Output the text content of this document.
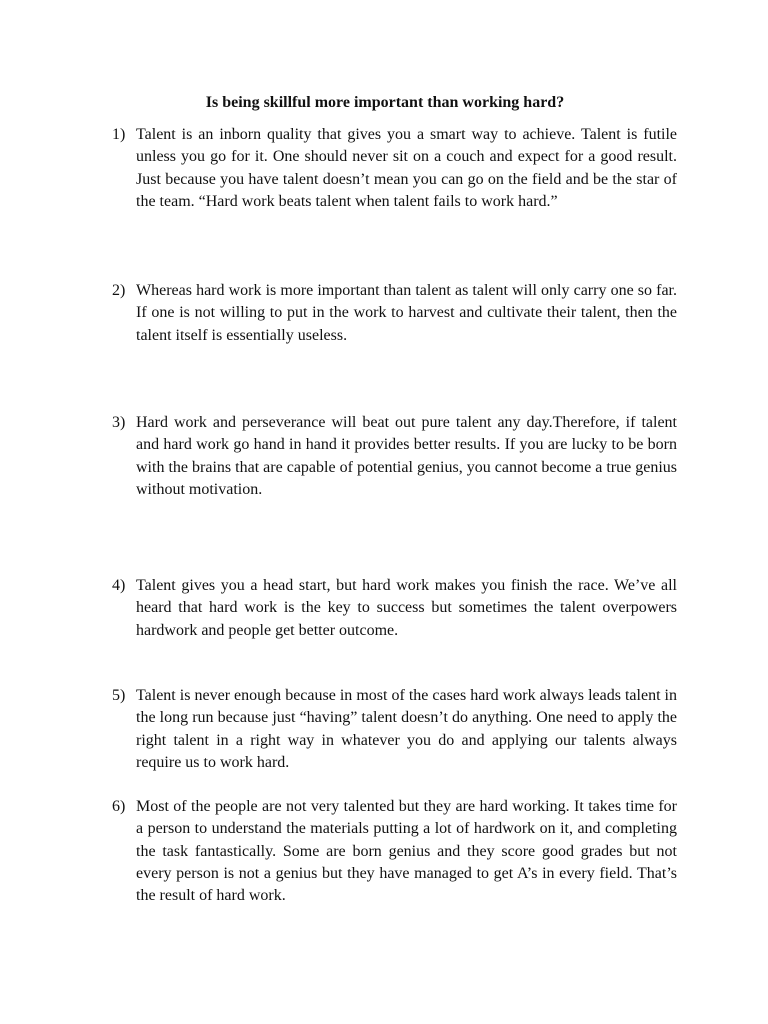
Is being skillful more important than working hard?
1) Talent is an inborn quality that gives you a smart way to achieve. Talent is futile unless you go for it. One should never sit on a couch and expect for a good result. Just because you have talent doesn’t mean you can go on the field and be the star of the team. “Hard work beats talent when talent fails to work hard.”
2) Whereas hard work is more important than talent as talent will only carry one so far. If one is not willing to put in the work to harvest and cultivate their talent, then the talent itself is essentially useless.
3) Hard work and perseverance will beat out pure talent any day.Therefore, if talent and hard work go hand in hand it provides better results. If you are lucky to be born with the brains that are capable of potential genius, you cannot become a true genius without motivation.
4) Talent gives you a head start, but hard work makes you finish the race. We’ve all heard that hard work is the key to success but sometimes the talent overpowers hardwork and people get better outcome.
5) Talent is never enough because in most of the cases hard work always leads talent in the long run because just “having” talent doesn’t do anything. One need to apply the right talent in a right way in whatever you do and applying our talents always require us to work hard.
6) Most of the people are not very talented but they are hard working. It takes time for a person to understand the materials putting a lot of hardwork on it, and completing the task fantastically. Some are born genius and they score good grades but not every person is not a genius but they have managed to get A’s in every field. That’s the result of hard work.
